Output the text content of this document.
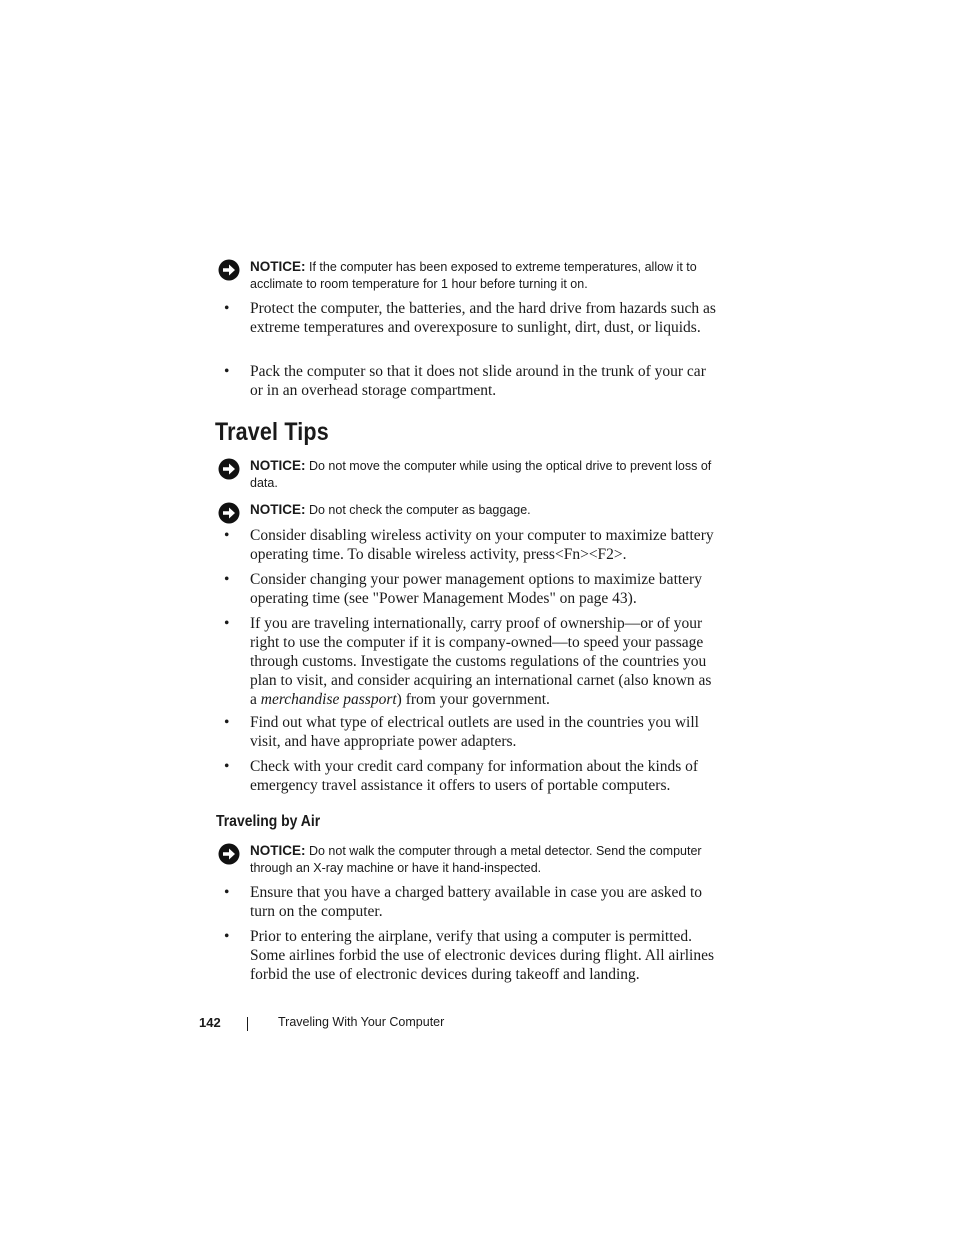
NOTICE: If the computer has been exposed to extreme temperatures, allow it to acclimate to room temperature for 1 hour before turning it on.
• Protect the computer, the batteries, and the hard drive from hazards such as extreme temperatures and overexposure to sunlight, dirt, dust, or liquids.
• Pack the computer so that it does not slide around in the trunk of your car or in an overhead storage compartment.
Travel Tips
NOTICE: Do not move the computer while using the optical drive to prevent loss of data.
NOTICE: Do not check the computer as baggage.
• Consider disabling wireless activity on your computer to maximize battery operating time. To disable wireless activity, press<Fn><F2>.
• Consider changing your power management options to maximize battery operating time (see "Power Management Modes" on page 43).
• If you are traveling internationally, carry proof of ownership—or of your right to use the computer if it is company-owned—to speed your passage through customs. Investigate the customs regulations of the countries you plan to visit, and consider acquiring an international carnet (also known as a merchandise passport) from your government.
• Find out what type of electrical outlets are used in the countries you will visit, and have appropriate power adapters.
• Check with your credit card company for information about the kinds of emergency travel assistance it offers to users of portable computers.
Traveling by Air
NOTICE: Do not walk the computer through a metal detector. Send the computer through an X-ray machine or have it hand-inspected.
• Ensure that you have a charged battery available in case you are asked to turn on the computer.
• Prior to entering the airplane, verify that using a computer is permitted. Some airlines forbid the use of electronic devices during flight. All airlines forbid the use of electronic devices during takeoff and landing.
142	Traveling With Your Computer
